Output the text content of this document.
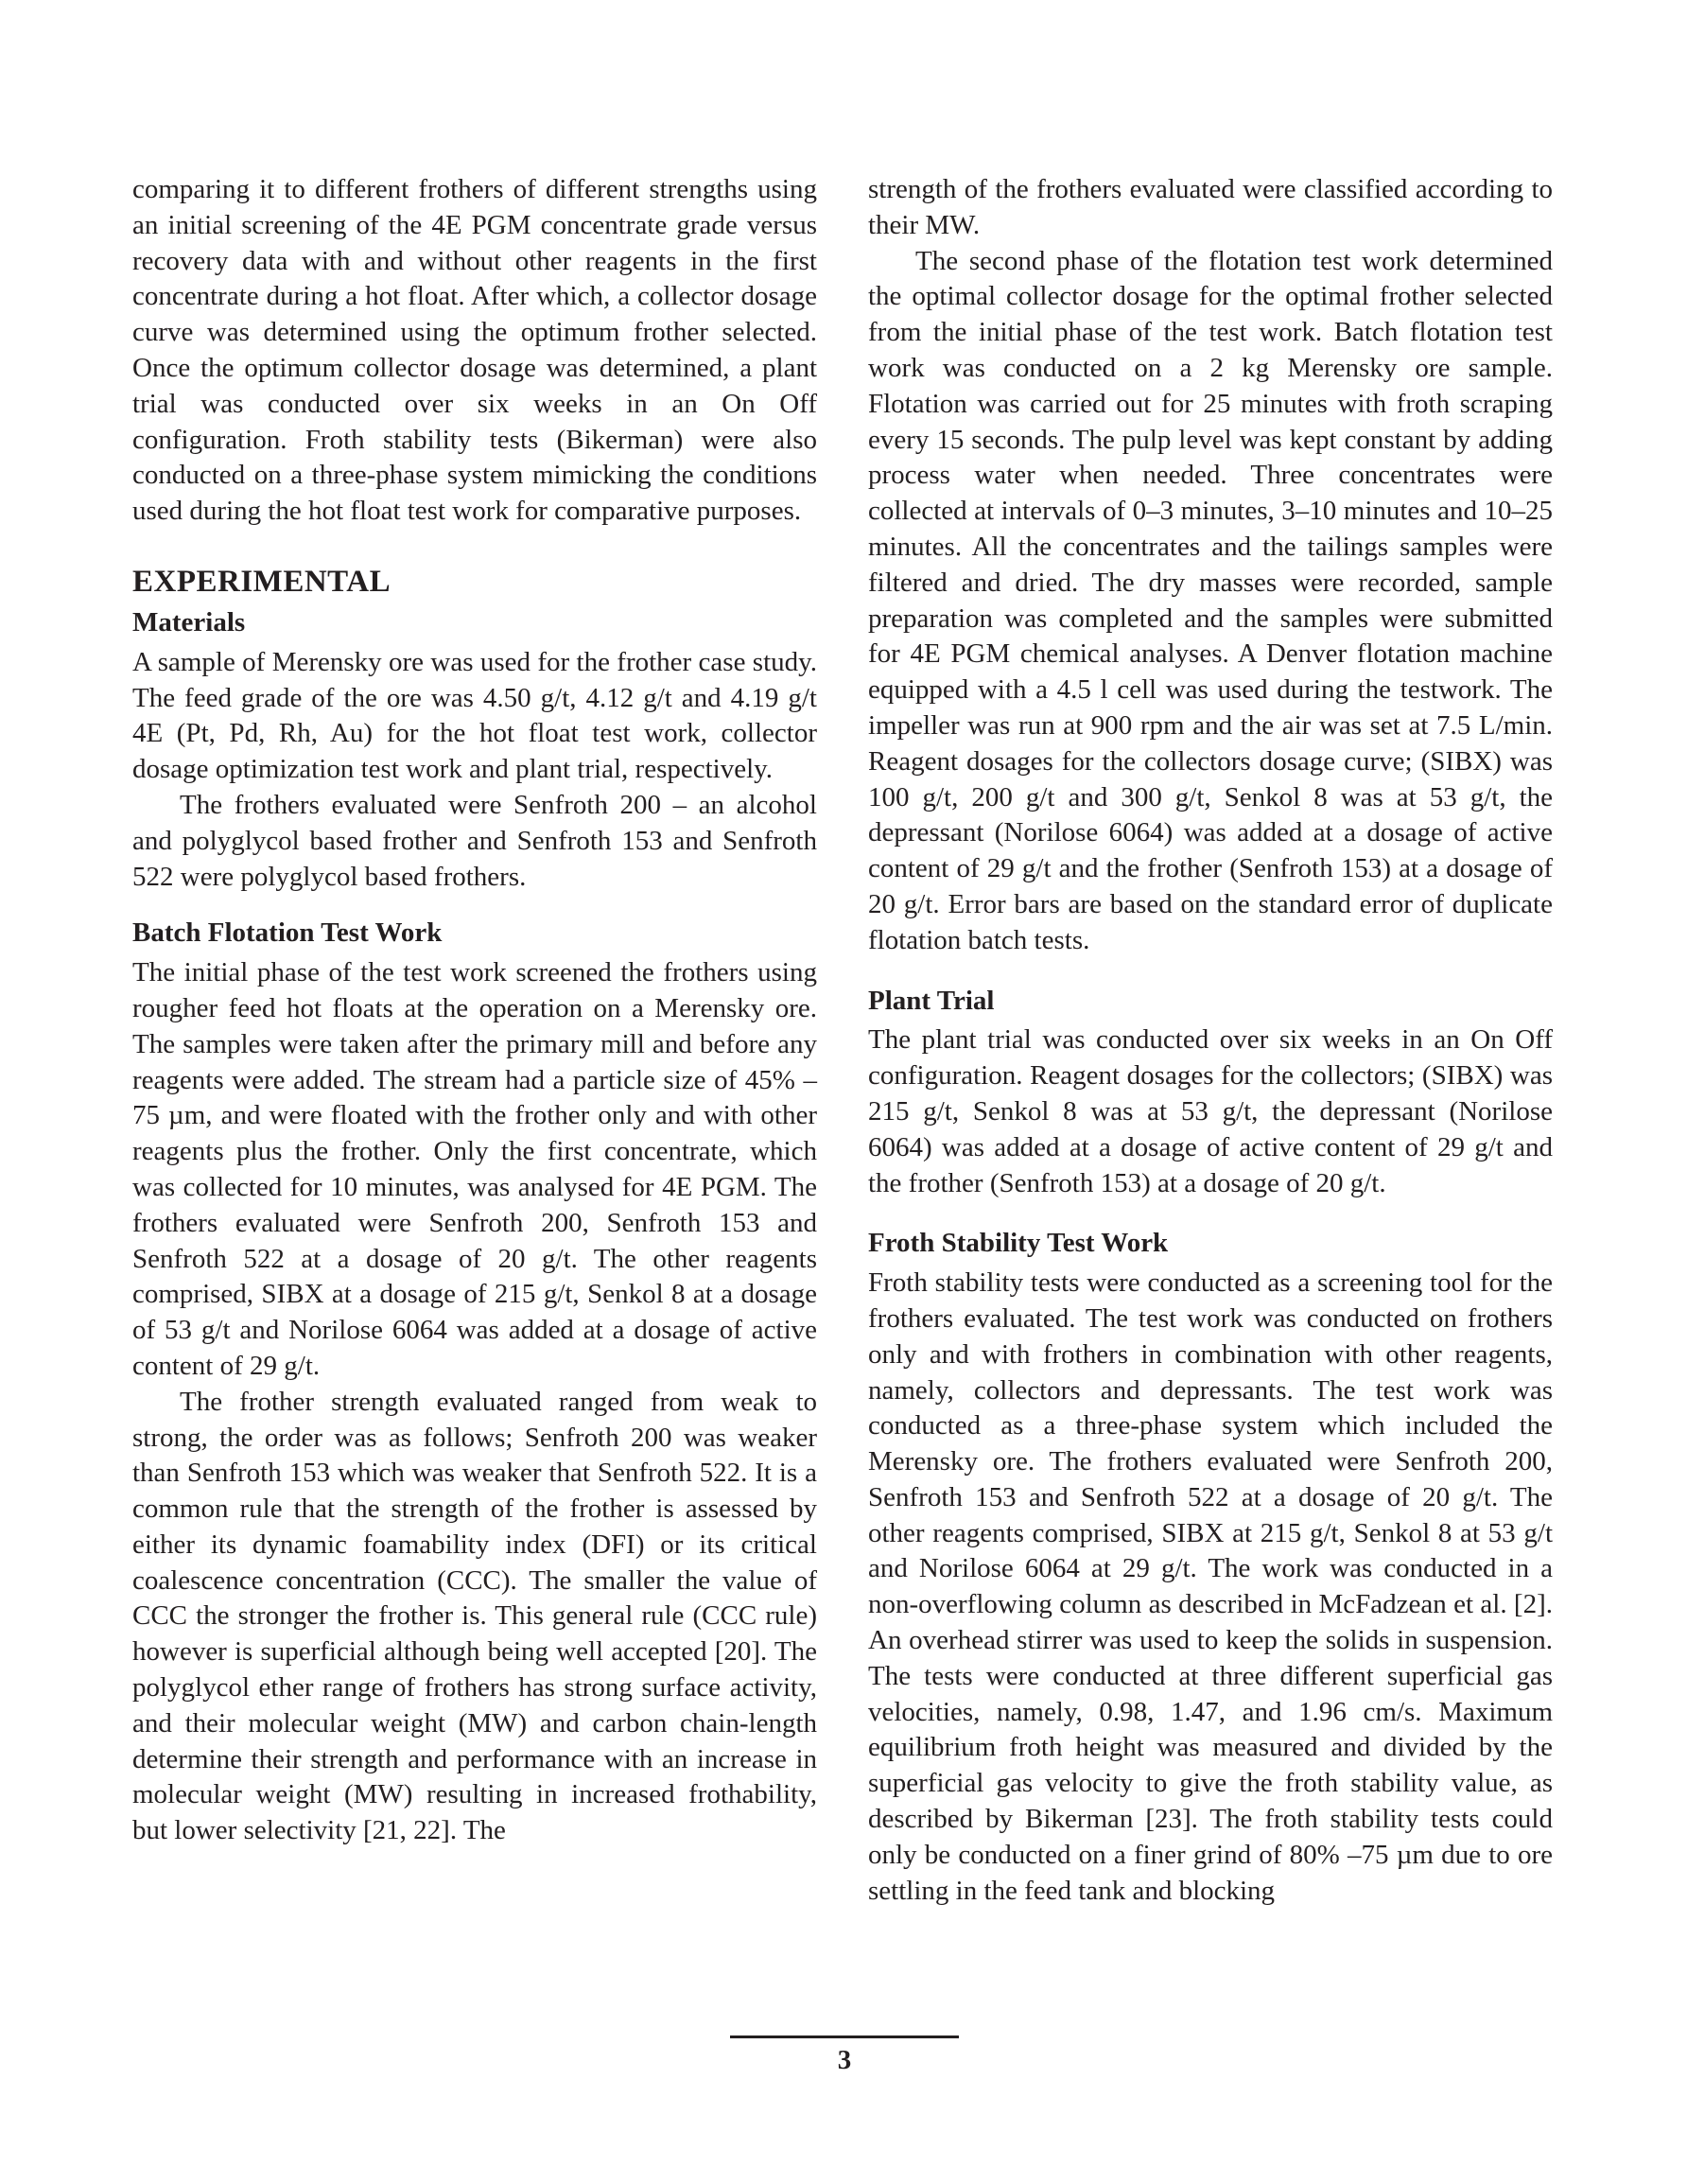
comparing it to different frothers of different strengths using an initial screening of the 4E PGM concentrate grade versus recovery data with and without other reagents in the first concentrate during a hot float. After which, a collector dosage curve was determined using the optimum frother selected. Once the optimum collector dosage was determined, a plant trial was conducted over six weeks in an On Off configuration. Froth stability tests (Bikerman) were also conducted on a three-phase system mimicking the conditions used during the hot float test work for comparative purposes.

EXPERIMENTAL
Materials

A sample of Merensky ore was used for the frother case study. The feed grade of the ore was 4.50 g/t, 4.12 g/t and 4.19 g/t 4E (Pt, Pd, Rh, Au) for the hot float test work, collector dosage optimization test work and plant trial, respectively.

The frothers evaluated were Senfroth 200 – an alcohol and polyglycol based frother and Senfroth 153 and Senfroth 522 were polyglycol based frothers.

Batch Flotation Test Work

The initial phase of the test work screened the frothers using rougher feed hot floats at the operation on a Merensky ore. The samples were taken after the primary mill and before any reagents were added. The stream had a particle size of 45% –75 µm, and were floated with the frother only and with other reagents plus the frother. Only the first concentrate, which was collected for 10 minutes, was analysed for 4E PGM. The frothers evaluated were Senfroth 200, Senfroth 153 and Senfroth 522 at a dosage of 20 g/t. The other reagents comprised, SIBX at a dosage of 215 g/t, Senkol 8 at a dosage of 53 g/t and Norilose 6064 was added at a dosage of active content of 29 g/t.

The frother strength evaluated ranged from weak to strong, the order was as follows; Senfroth 200 was weaker than Senfroth 153 which was weaker that Senfroth 522. It is a common rule that the strength of the frother is assessed by either its dynamic foamability index (DFI) or its critical coalescence concentration (CCC). The smaller the value of CCC the stronger the frother is. This general rule (CCC rule) however is superficial although being well accepted [20]. The polyglycol ether range of frothers has strong surface activity, and their molecular weight (MW) and carbon chain-length determine their strength and performance with an increase in molecular weight (MW) resulting in increased frothability, but lower selectivity [21, 22]. The

strength of the frothers evaluated were classified according to their MW.

The second phase of the flotation test work determined the optimal collector dosage for the optimal frother selected from the initial phase of the test work. Batch flotation test work was conducted on a 2 kg Merensky ore sample. Flotation was carried out for 25 minutes with froth scraping every 15 seconds. The pulp level was kept constant by adding process water when needed. Three concentrates were collected at intervals of 0–3 minutes, 3–10 minutes and 10–25 minutes. All the concentrates and the tailings samples were filtered and dried. The dry masses were recorded, sample preparation was completed and the samples were submitted for 4E PGM chemical analyses. A Denver flotation machine equipped with a 4.5 l cell was used during the testwork. The impeller was run at 900 rpm and the air was set at 7.5 L/min. Reagent dosages for the collectors dosage curve; (SIBX) was 100 g/t, 200 g/t and 300 g/t, Senkol 8 was at 53 g/t, the depressant (Norilose 6064) was added at a dosage of active content of 29 g/t and the frother (Senfroth 153) at a dosage of 20 g/t. Error bars are based on the standard error of duplicate flotation batch tests.

Plant Trial

The plant trial was conducted over six weeks in an On Off configuration. Reagent dosages for the collectors; (SIBX) was 215 g/t, Senkol 8 was at 53 g/t, the depressant (Norilose 6064) was added at a dosage of active content of 29 g/t and the frother (Senfroth 153) at a dosage of 20 g/t.

Froth Stability Test Work

Froth stability tests were conducted as a screening tool for the frothers evaluated. The test work was conducted on frothers only and with frothers in combination with other reagents, namely, collectors and depressants. The test work was conducted as a three-phase system which included the Merensky ore. The frothers evaluated were Senfroth 200, Senfroth 153 and Senfroth 522 at a dosage of 20 g/t. The other reagents comprised, SIBX at 215 g/t, Senkol 8 at 53 g/t and Norilose 6064 at 29 g/t. The work was conducted in a non-overflowing column as described in McFadzean et al. [2]. An overhead stirrer was used to keep the solids in suspension. The tests were conducted at three different superficial gas velocities, namely, 0.98, 1.47, and 1.96 cm/s. Maximum equilibrium froth height was measured and divided by the superficial gas velocity to give the froth stability value, as described by Bikerman [23]. The froth stability tests could only be conducted on a finer grind of 80% –75 µm due to ore settling in the feed tank and blocking

3
